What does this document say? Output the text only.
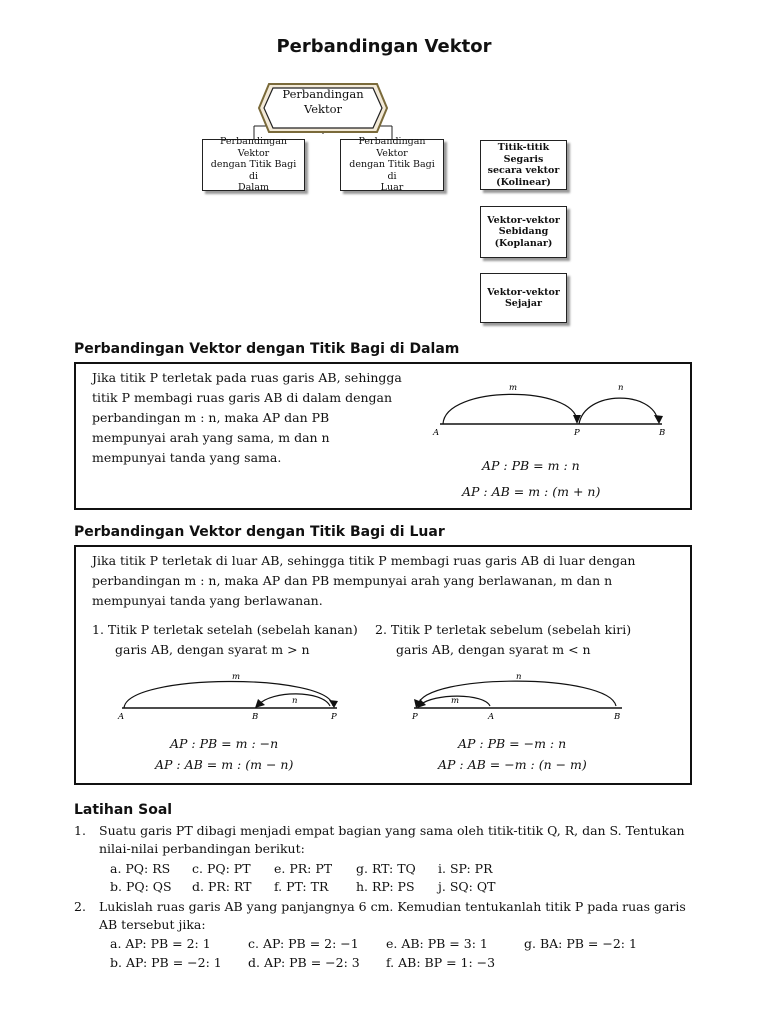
Perbandingan Vektor
Perbandingan
Vektor
Perbandingan Vektor
dengan Titik Bagi di
Dalam
Perbandingan Vektor
dengan Titik Bagi di
Luar
Titik-titik Segaris
secara vektor
(Kolinear)
Vektor-vektor
Sebidang
(Koplanar)
Vektor-vektor
Sejajar
Perbandingan Vektor dengan Titik Bagi di Dalam
Jika titik P terletak pada ruas garis AB, sehingga
titik P membagi ruas garis AB di dalam dengan
perbandingan m : n, maka AP dan PB
mempunyai arah yang sama, m dan n
mempunyai tanda yang sama.
m	n
A	P	B
AP : PB = m : n
AP : AB = m : (m + n)
Perbandingan Vektor dengan Titik Bagi di Luar
Jika titik P terletak di luar AB, sehingga titik P membagi ruas garis AB di luar dengan
perbandingan m : n, maka AP dan PB mempunyai arah yang berlawanan, m dan n
mempunyai tanda yang berlawanan.
1. Titik P terletak setelah (sebelah kanan)
garis AB, dengan syarat m > n
2. Titik P terletak sebelum (sebelah kiri)
garis AB, dengan syarat m < n
m
n
A	B	P
n
m
P	A	B
AP : PB = m : −n
AP : AB = m : (m − n)
AP : PB = −m : n
AP : AB = −m : (n − m)
Latihan Soal
1. Suatu garis PT dibagi menjadi empat bagian yang sama oleh titik-titik Q, R, dan S. Tentukan
nilai-nilai perbandingan berikut:
a. PQ: RS c. PQ: PT e. PR: PT g. RT: TQ i. SP: PR
b. PQ: QS d. PR: RT f. PT: TR h. RP: PS j. SQ: QT
2. Lukislah ruas garis AB yang panjangnya 6 cm. Kemudian tentukanlah titik P pada ruas garis
AB tersebut jika:
a. AP: PB = 2: 1	c. AP: PB = 2: −1 e. AB: PB = 3: 1	g. BA: PB = −2: 1
b. AP: PB = −2: 1 d. AP: PB = −2: 3 f. AB: BP = 1: −3
